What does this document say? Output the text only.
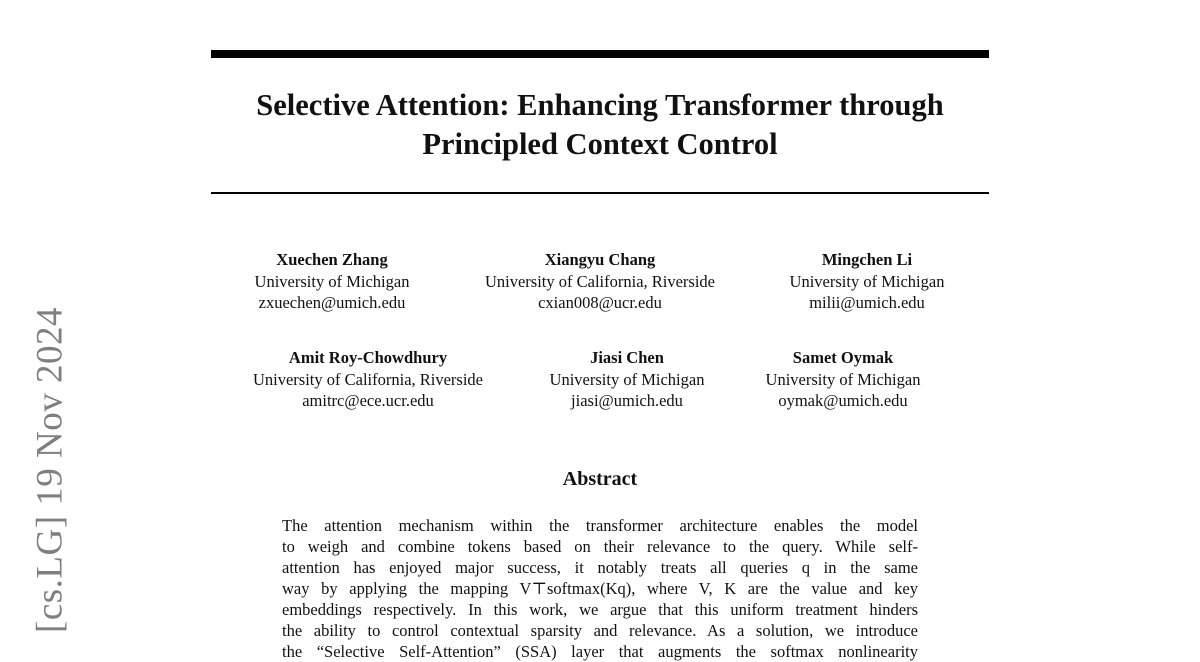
Selective Attention: Enhancing Transformer through
Principled Context Control
Xuechen Zhang
University of Michigan
zxuechen@umich.edu
Xiangyu Chang
University of California, Riverside
cxian008@ucr.edu
Mingchen Li
University of Michigan
milii@umich.edu
Amit Roy-Chowdhury
University of California, Riverside
amitrc@ece.ucr.edu
Jiasi Chen
University of Michigan
jiasi@umich.edu
Samet Oymak
University of Michigan
oymak@umich.edu
[cs.LG] 19 Nov 2024	Abstract
The attention mechanism within the transformer architecture enables the model
to weigh and combine tokens based on their relevance to the query. While self-
attention has enjoyed major success, it notably treats all queries q in the same
way by applying the mapping V⊤softmax(Kq), where V, K are the value and key
embeddings respectively. In this work, we argue that this uniform treatment hinders
the ability to control contextual sparsity and relevance. As a solution, we introduce
the “Selective Self-Attention” (SSA) layer that augments the softmax nonlinearity
